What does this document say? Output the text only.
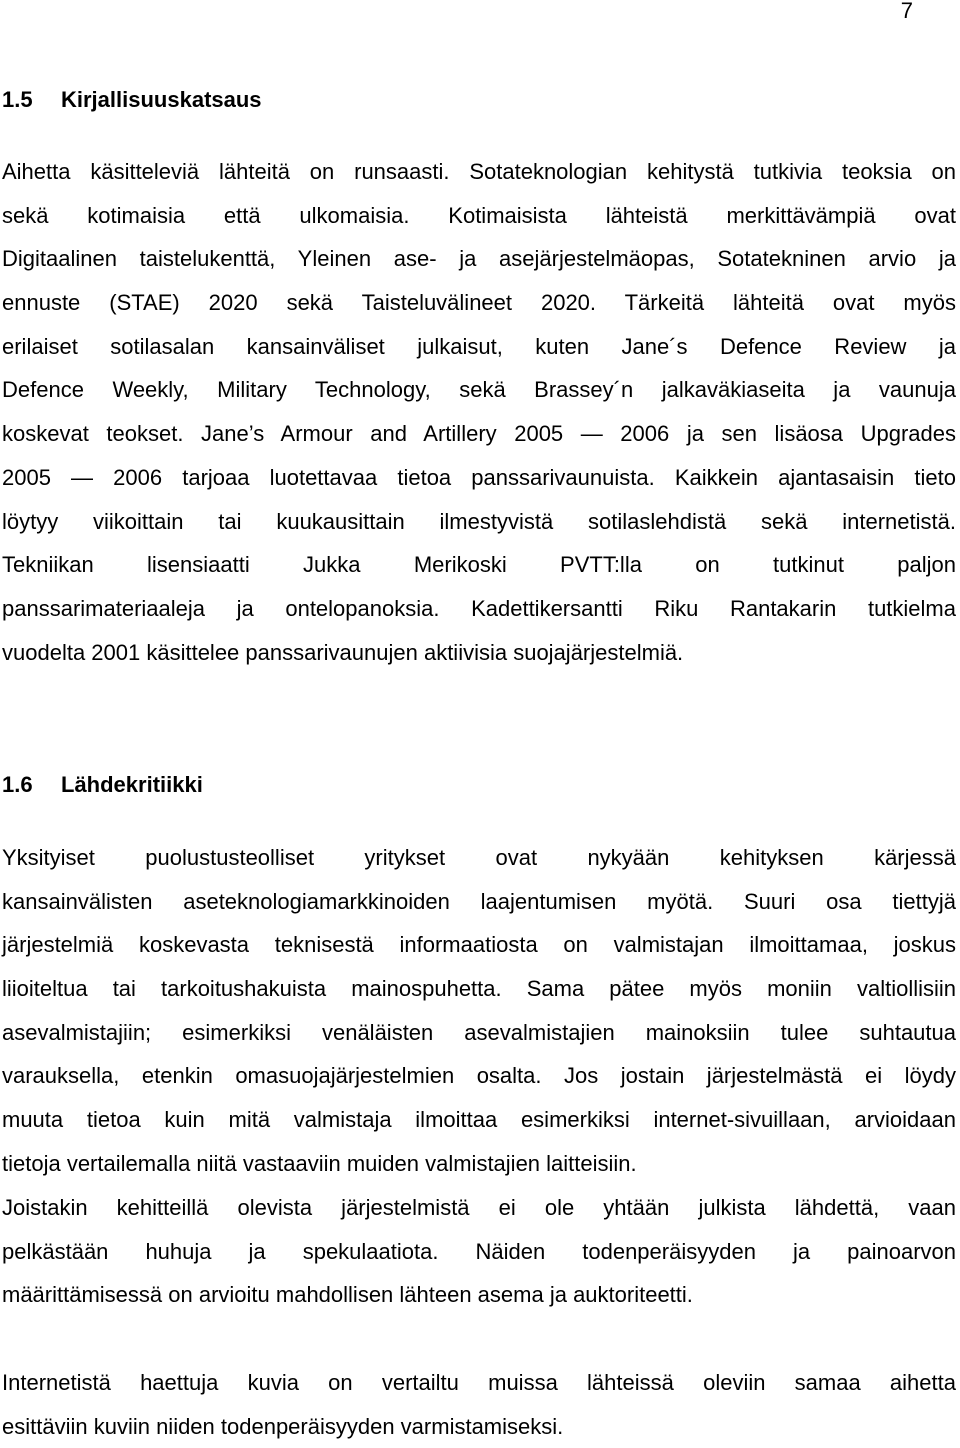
7
1.5 Kirjallisuuskatsaus
Aihetta käsitteleviä lähteitä on runsaasti. Sotateknologian kehitystä tutkivia teoksia on
sekä kotimaisia että ulkomaisia. Kotimaisista lähteistä merkittävämpiä ovat
Digitaalinen taistelukenttä, Yleinen ase- ja asejärjestelmäopas, Sotatekninen arvio ja
ennuste (STAE) 2020 sekä Taisteluvälineet 2020. Tärkeitä lähteitä ovat myös
erilaiset sotilasalan kansainväliset julkaisut, kuten Jane´s Defence Review ja
Defence Weekly, Military Technology, sekä Brassey´n jalkaväkiaseita ja vaunuja
koskevat teokset. Jane’s Armour and Artillery 2005 — 2006 ja sen lisäosa Upgrades
2005 — 2006 tarjoaa luotettavaa tietoa panssarivaunuista. Kaikkein ajantasaisin tieto
löytyy viikoittain tai kuukausittain ilmestyvistä sotilaslehdistä sekä internetistä.
Tekniikan lisensiaatti Jukka Merikoski PVTT:lla on tutkinut paljon
panssarimateriaaleja ja ontelopanoksia. Kadettikersantti Riku Rantakarin tutkielma
vuodelta 2001 käsittelee panssarivaunujen aktiivisia suojajärjestelmiä.
1.6 Lähdekritiikki
Yksityiset puolustusteolliset yritykset ovat nykyään kehityksen kärjessä
kansainvälisten aseteknologiamarkkinoiden laajentumisen myötä. Suuri osa tiettyjä
järjestelmiä koskevasta teknisestä informaatiosta on valmistajan ilmoittamaa, joskus
liioiteltua tai tarkoitushakuista mainospuhetta. Sama pätee myös moniin valtiollisiin
asevalmistajiin; esimerkiksi venäläisten asevalmistajien mainoksiin tulee suhtautua
varauksella, etenkin omasuojajärjestelmien osalta. Jos jostain järjestelmästä ei löydy
muuta tietoa kuin mitä valmistaja ilmoittaa esimerkiksi internet-sivuillaan, arvioidaan
tietoja vertailemalla niitä vastaaviin muiden valmistajien laitteisiin.
Joistakin kehitteillä olevista järjestelmistä ei ole yhtään julkista lähdettä, vaan
pelkästään huhuja ja spekulaatiota. Näiden todenperäisyyden ja painoarvon
määrittämisessä on arvioitu mahdollisen lähteen asema ja auktoriteetti.
Internetistä haettuja kuvia on vertailtu muissa lähteissä oleviin samaa aihetta
esittäviin kuviin niiden todenperäisyyden varmistamiseksi.
